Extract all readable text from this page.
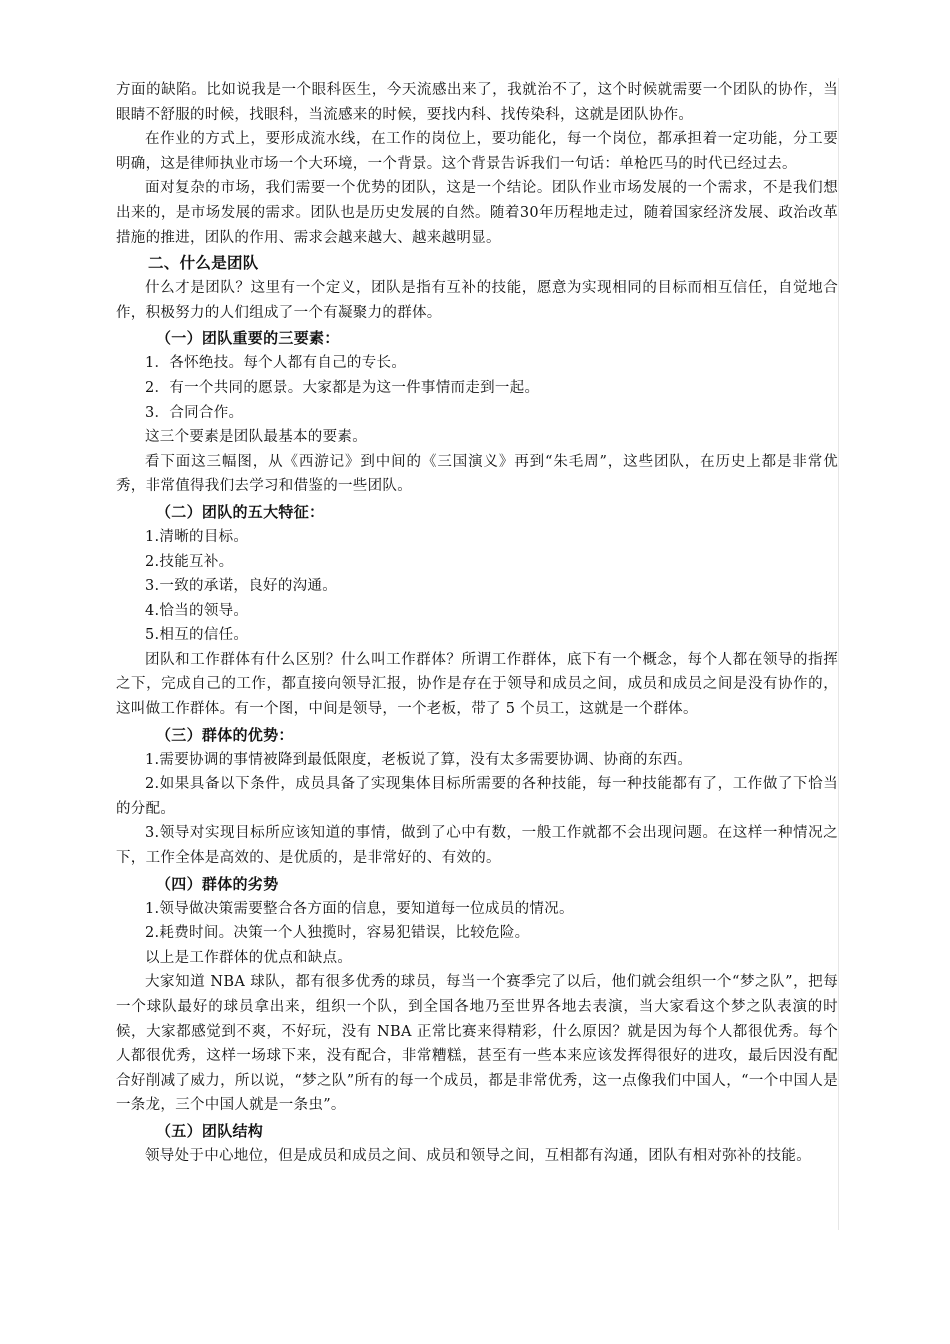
方面的缺陷。比如说我是一个眼科医生，今天流感出来了，我就治不了，这个时候就需要一个团队的协作，当眼睛不舒服的时候，找眼科，当流感来的时候，要找内科、找传染科，这就是团队协作。

在作业的方式上，要形成流水线，在工作的岗位上，要功能化，每一个岗位，都承担着一定功能，分工要明确，这是律师执业市场一个大环境，一个背景。这个背景告诉我们一句话：单枪匹马的时代已经过去。

面对复杂的市场，我们需要一个优势的团队，这是一个结论。团队作业市场发展的一个需求，不是我们想出来的，是市场发展的需求。团队也是历史发展的自然。随着30年历程地走过，随着国家经济发展、政治改革措施的推进，团队的作用、需求会越来越大、越来越明显。

二、什么是团队

什么才是团队？这里有一个定义，团队是指有互补的技能，愿意为实现相同的目标而相互信任，自觉地合作，积极努力的人们组成了一个有凝聚力的群体。

（一）团队重要的三要素：

1．各怀绝技。每个人都有自己的专长。

2．有一个共同的愿景。大家都是为这一件事情而走到一起。

3．合同合作。

这三个要素是团队最基本的要素。

看下面这三幅图，从《西游记》到中间的《三国演义》再到“朱毛周”，这些团队，在历史上都是非常优秀，非常值得我们去学习和借鉴的一些团队。

（二）团队的五大特征：

1.清晰的目标。

2.技能互补。

3.一致的承诺，良好的沟通。

4.恰当的领导。

5.相互的信任。

团队和工作群体有什么区别？什么叫工作群体？所谓工作群体，底下有一个概念，每个人都在领导的指挥之下，完成自己的工作，都直接向领导汇报，协作是存在于领导和成员之间，成员和成员之间是没有协作的，这叫做工作群体。有一个图，中间是领导，一个老板，带了 5 个员工，这就是一个群体。

（三）群体的优势：

1.需要协调的事情被降到最低限度，老板说了算，没有太多需要协调、协商的东西。

2.如果具备以下条件，成员具备了实现集体目标所需要的各种技能，每一种技能都有了，工作做了下恰当的分配。

3.领导对实现目标所应该知道的事情，做到了心中有数，一般工作就都不会出现问题。在这样一种情况之下，工作全体是高效的、是优质的，是非常好的、有效的。

（四）群体的劣势

1.领导做决策需要整合各方面的信息，要知道每一位成员的情况。

2.耗费时间。决策一个人独揽时，容易犯错误，比较危险。

以上是工作群体的优点和缺点。

大家知道 NBA 球队，都有很多优秀的球员，每当一个赛季完了以后，他们就会组织一个“梦之队”，把每一个球队最好的球员拿出来，组织一个队，到全国各地乃至世界各地去表演，当大家看这个梦之队表演的时候，大家都感觉到不爽，不好玩，没有 NBA 正常比赛来得精彩，什么原因？就是因为每个人都很优秀。每个人都很优秀，这样一场球下来，没有配合，非常糟糕，甚至有一些本来应该发挥得很好的进攻，最后因没有配合好削减了威力，所以说，“梦之队”所有的每一个成员，都是非常优秀，这一点像我们中国人，“一个中国人是一条龙，三个中国人就是一条虫”。

（五）团队结构

领导处于中心地位，但是成员和成员之间、成员和领导之间，互相都有沟通，团队有相对弥补的技能。
